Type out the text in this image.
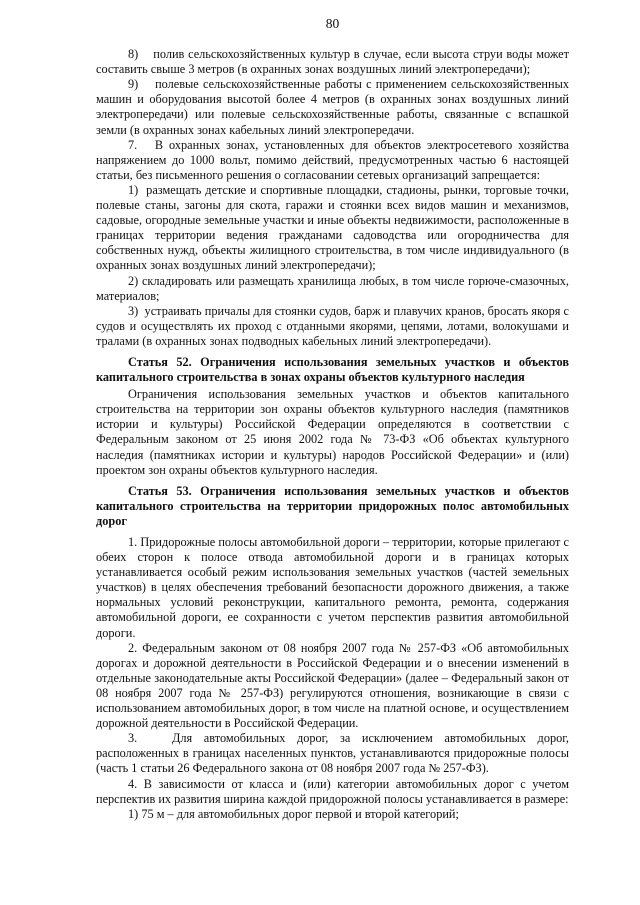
80

8)    полив сельскохозяйственных культур в случае, если высота струи воды может составить свыше 3 метров (в охранных зонах воздушных линий электропередачи);

9)    полевые сельскохозяйственные работы с применением сельскохозяйственных машин и оборудования высотой более 4 метров (в охранных зонах воздушных линий электропередачи) или полевые сельскохозяйственные работы, связанные с вспашкой земли (в охранных зонах кабельных линий электропередачи.

7.   В охранных зонах, установленных для объектов электросетевого хозяйства напряжением до 1000 вольт, помимо действий, предусмотренных частью 6 настоящей статьи, без письменного решения о согласовании сетевых организаций запрещается:

1)  размещать детские и спортивные площадки, стадионы, рынки, торговые точки, полевые станы, загоны для скота, гаражи и стоянки всех видов машин и механизмов, садовые, огородные земельные участки и иные объекты недвижимости, расположенные в границах территории ведения гражданами садоводства или огородничества для собственных нужд, объекты жилищного строительства, в том числе индивидуального (в охранных зонах воздушных линий электропередачи);

2) складировать или размещать хранилища любых, в том числе горюче-смазочных, материалов;

3)  устраивать причалы для стоянки судов, барж и плавучих кранов, бросать якоря с судов и осуществлять их проход с отданными якорями, цепями, лотами, волокушами и тралами (в охранных зонах подводных кабельных линий электропередачи).

Статья 52. Ограничения использования земельных участков и объектов капитального строительства в зонах охраны объектов культурного наследия

Ограничения использования земельных участков и объектов капитального строительства на территории зон охраны объектов культурного наследия (памятников истории и культуры) Российской Федерации определяются в соответствии с Федеральным законом от 25 июня 2002 года № 73-ФЗ «Об объектах культурного наследия (памятниках истории и культуры) народов Российской Федерации» и (или) проектом зон охраны объектов культурного наследия.

Статья 53. Ограничения использования земельных участков и объектов капитального строительства на территории придорожных полос автомобильных дорог

1. Придорожные полосы автомобильной дороги – территории, которые прилегают с обеих сторон к полосе отвода автомобильной дороги и в границах которых устанавливается особый режим использования земельных участков (частей земельных участков) в целях обеспечения требований безопасности дорожного движения, а также нормальных условий реконструкции, капитального ремонта, ремонта, содержания автомобильной дороги, ее сохранности с учетом перспектив развития автомобильной дороги.

2. Федеральным законом от 08 ноября 2007 года № 257-ФЗ «Об автомобильных дорогах и дорожной деятельности в Российской Федерации и о внесении изменений в отдельные законодательные акты Российской Федерации» (далее – Федеральный закон от 08 ноября 2007 года № 257-ФЗ) регулируются отношения, возникающие в связи с использованием автомобильных дорог, в том числе на платной основе, и осуществлением дорожной деятельности в Российской Федерации.

3.   Для автомобильных дорог, за исключением автомобильных дорог, расположенных в границах населенных пунктов, устанавливаются придорожные полосы (часть 1 статьи 26 Федерального закона от 08 ноября 2007 года № 257-ФЗ).

4. В зависимости от класса и (или) категории автомобильных дорог с учетом перспектив их развития ширина каждой придорожной полосы устанавливается в размере:

1) 75 м – для автомобильных дорог первой и второй категорий;
